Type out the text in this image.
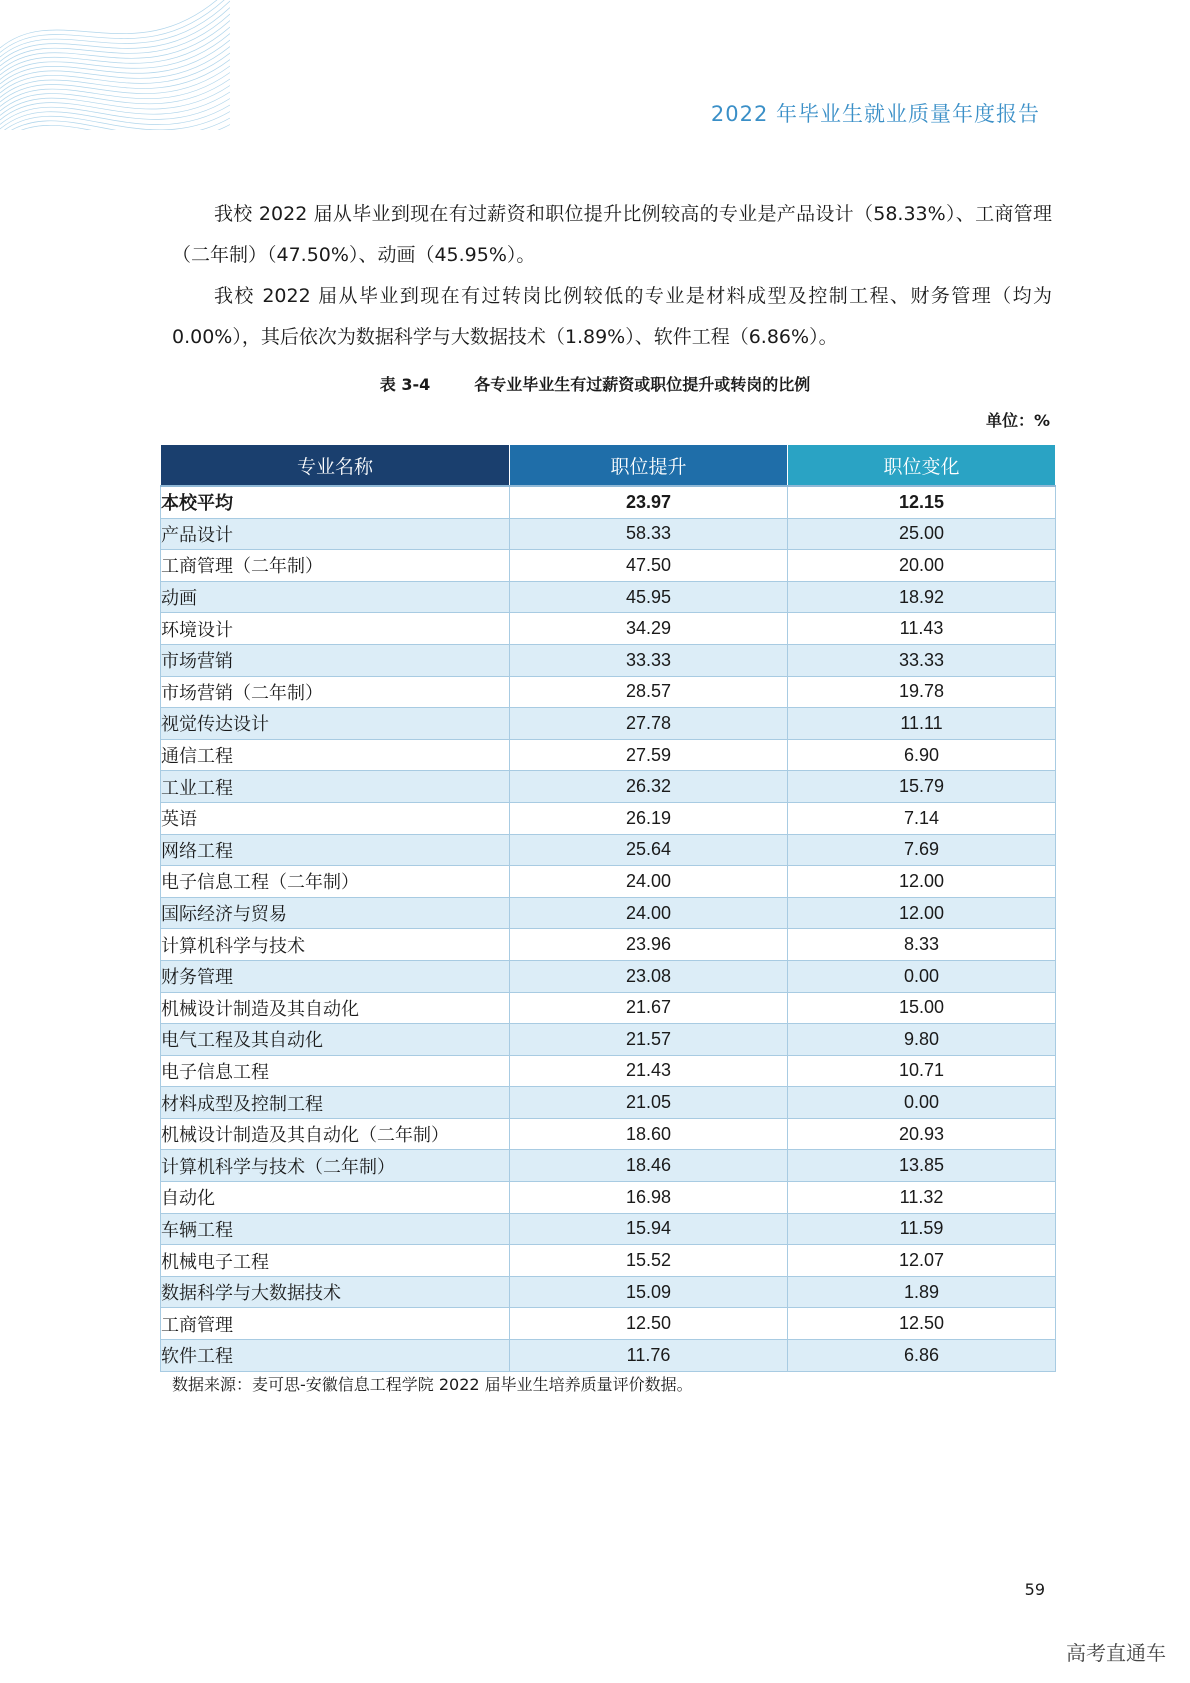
2022 年毕业生就业质量年度报告
我校 2022 届从毕业到现在有过薪资和职位提升比例较高的专业是产品设计（58.33%）、工商管理（二年制）（47.50%）、动画（45.95%）。
我校 2022 届从毕业到现在有过转岗比例较低的专业是材料成型及控制工程、财务管理（均为 0.00%），其后依次为数据科学与大数据技术（1.89%）、软件工程（6.86%）。
表 3-4	各专业毕业生有过薪资或职位提升或转岗的比例
单位：%
专业名称	职位提升	职位变化
本校平均	23.97	12.15
产品设计	58.33	25.00
工商管理（二年制）	47.50	20.00
动画	45.95	18.92
环境设计	34.29	11.43
市场营销	33.33	33.33
市场营销（二年制）	28.57	19.78
视觉传达设计	27.78	11.11
通信工程	27.59	6.90
工业工程	26.32	15.79
英语	26.19	7.14
网络工程	25.64	7.69
电子信息工程（二年制）	24.00	12.00
国际经济与贸易	24.00	12.00
计算机科学与技术	23.96	8.33
财务管理	23.08	0.00
机械设计制造及其自动化	21.67	15.00
电气工程及其自动化	21.57	9.80
电子信息工程	21.43	10.71
材料成型及控制工程	21.05	0.00
机械设计制造及其自动化（二年制）	18.60	20.93
计算机科学与技术（二年制）	18.46	13.85
自动化	16.98	11.32
车辆工程	15.94	11.59
机械电子工程	15.52	12.07
数据科学与大数据技术	15.09	1.89
工商管理	12.50	12.50
软件工程	11.76	6.86
数据来源：麦可思-安徽信息工程学院 2022 届毕业生培养质量评价数据。
59
高考直通车
